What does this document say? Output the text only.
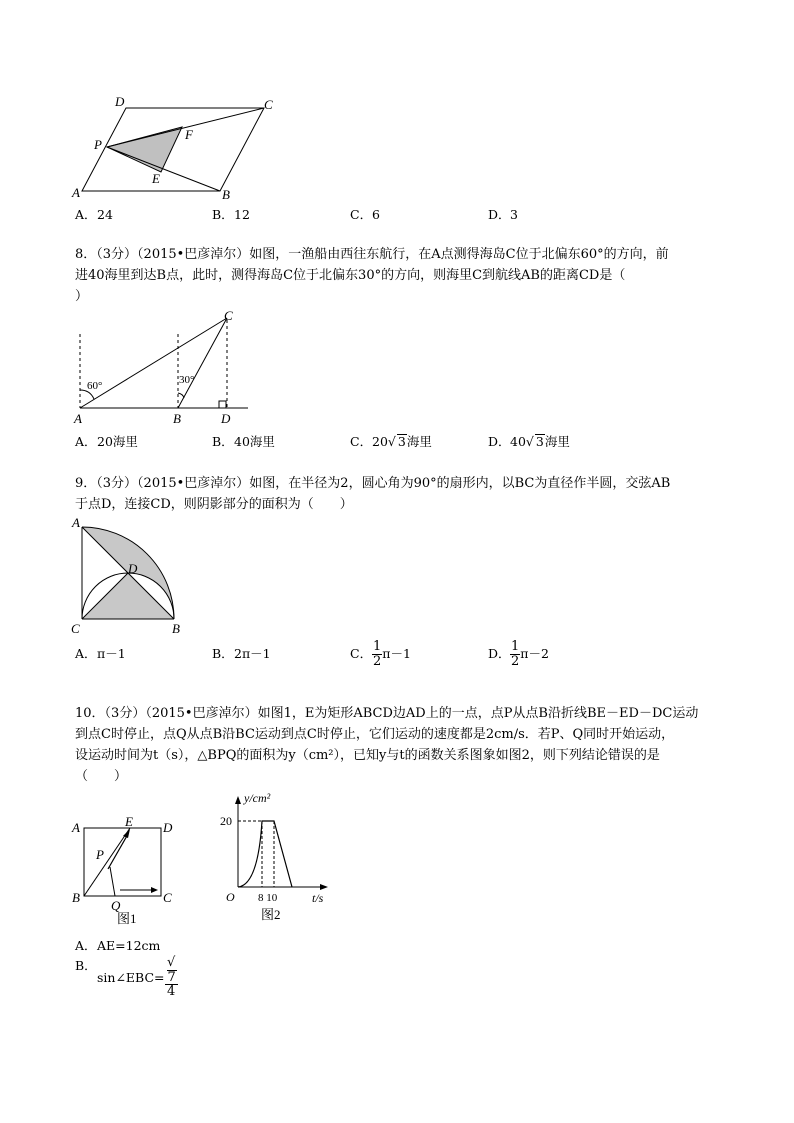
D	C
P
F
E
A	B
A．24	B．12	C．6	D．3
8．（3分）（2015•巴彦淖尔）如图，一渔船由西往东航行，在A点测得海岛C位于北偏东60°的方向，前
进40海里到达B点，此时，测得海岛C位于北偏东30°的方向，则海里C到航线AB的距离CD是（
）
60°	30°
C
A	B	D
A．20海里	B．40海里	C．20√ 3海里	D．40√ 3海里
9．（3分）（2015•巴彦淖尔）如图，在半径为2，圆心角为90°的扇形内，以BC为直径作半圆，交弦AB
于点D，连接CD，则阴影部分的面积为（　　）
A
D
C	B
A．π－1	B．2π－1	C． $\frac{1}{2} \pi-1$	D． $\frac{1}{2} \pi-2$
10．（3分）（2015•巴彦淖尔）如图1，E为矩形ABCD边AD上的一点，点P从点B沿折线BE－ED－DC运动
到点C时停止，点Q从点B沿BC运动到点C时停止，它们运动的速度都是2cm/s．若P、Q同时开始运动，
设运动时间为t（s），△BPQ的面积为y（cm²），已知y与t的函数关系图象如图2，则下列结论错误的是
（　　）
A	E D
P
B
Q
C
图1
y/cm²
20
O 8 10	t/s
图2
A．AE=12cm
B．
sin∠EBC= √
7
4
